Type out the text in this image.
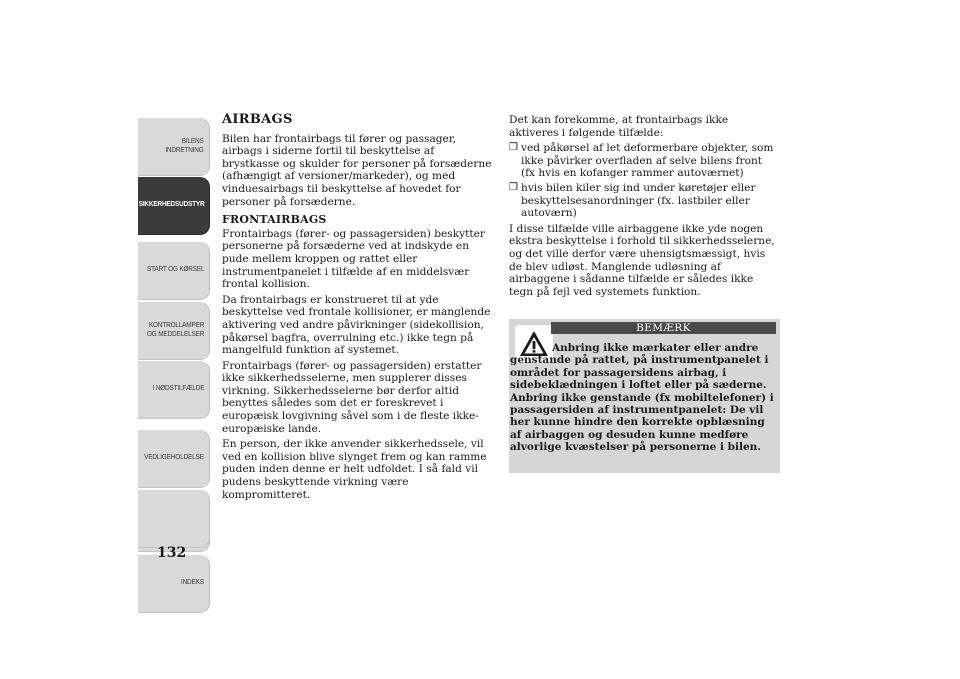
BILENS
INDRETNING
SIKKERHEDSUDSTYR
START OG KØRSEL
KONTROLLAMPER
OG MEDDELELSER
I NØDSTILFÆLDE
VEDLIGEHOLDELSE
INDEKS
132
AIRBAGS

Bilen har frontairbags til fører og passager, airbags i siderne fortil til beskyttelse af brystkasse og skulder for personer på forsæderne (afhængigt af versioner/markeder), og med vinduesairbags til beskyttelse af hovedet for personer på forsæderne.

FRONTAIRBAGS

Frontairbags (fører- og passagersiden) beskytter personerne på forsæderne ved at indskyde en pude mellem kroppen og rattet eller instrumentpanelet i tilfælde af en middelsvær frontal kollision.

Da frontairbags er konstrueret til at yde beskyttelse ved frontale kollisioner, er manglende aktivering ved andre påvirkninger (sidekollision, påkørsel bagfra, overrulning etc.) ikke tegn på mangelfuld funktion af systemet.

Frontairbags (fører- og passagersiden) erstatter ikke sikkerhedsselerne, men supplerer disses virkning. Sikkerhedsselerne bør derfor altid benyttes således som det er foreskrevet i europæisk lovgivning såvel som i de fleste ikke-europæiske lande.

En person, der ikke anvender sikkerhedssele, vil ved en kollision blive slynget frem og kan ramme puden inden denne er helt udfoldet. I så fald vil pudens beskyttende virkning være kompromitteret.

Det kan forekomme, at frontairbags ikke aktiveres i følgende tilfælde:

❒ ved påkørsel af let deformerbare objekter, som ikke påvirker overfladen af selve bilens front (fx hvis en kofanger rammer autoværnet)
❒ hvis bilen kiler sig ind under køretøjer eller beskyttelsesanordninger (fx. lastbiler eller autoværn)

I disse tilfælde ville airbaggene ikke yde nogen ekstra beskyttelse i forhold til sikkerhedsselerne, og det ville derfor være uhensigtsmæssigt, hvis de blev udløst. Manglende udløsning af airbaggene i sådanne tilfælde er således ikke tegn på fejl ved systemets funktion.

BEMÆRK
Anbring ikke mærkater eller andre genstande på rattet, på instrumentpanelet i området for passagersidens airbag, i sidebeklædningen i loftet eller på sæderne. Anbring ikke genstande (fx mobiltelefoner) i passagersiden af instrumentpanelet: De vil her kunne hindre den korrekte opblæsning af airbaggen og desuden kunne medføre alvorlige kvæstelser på personerne i bilen.
